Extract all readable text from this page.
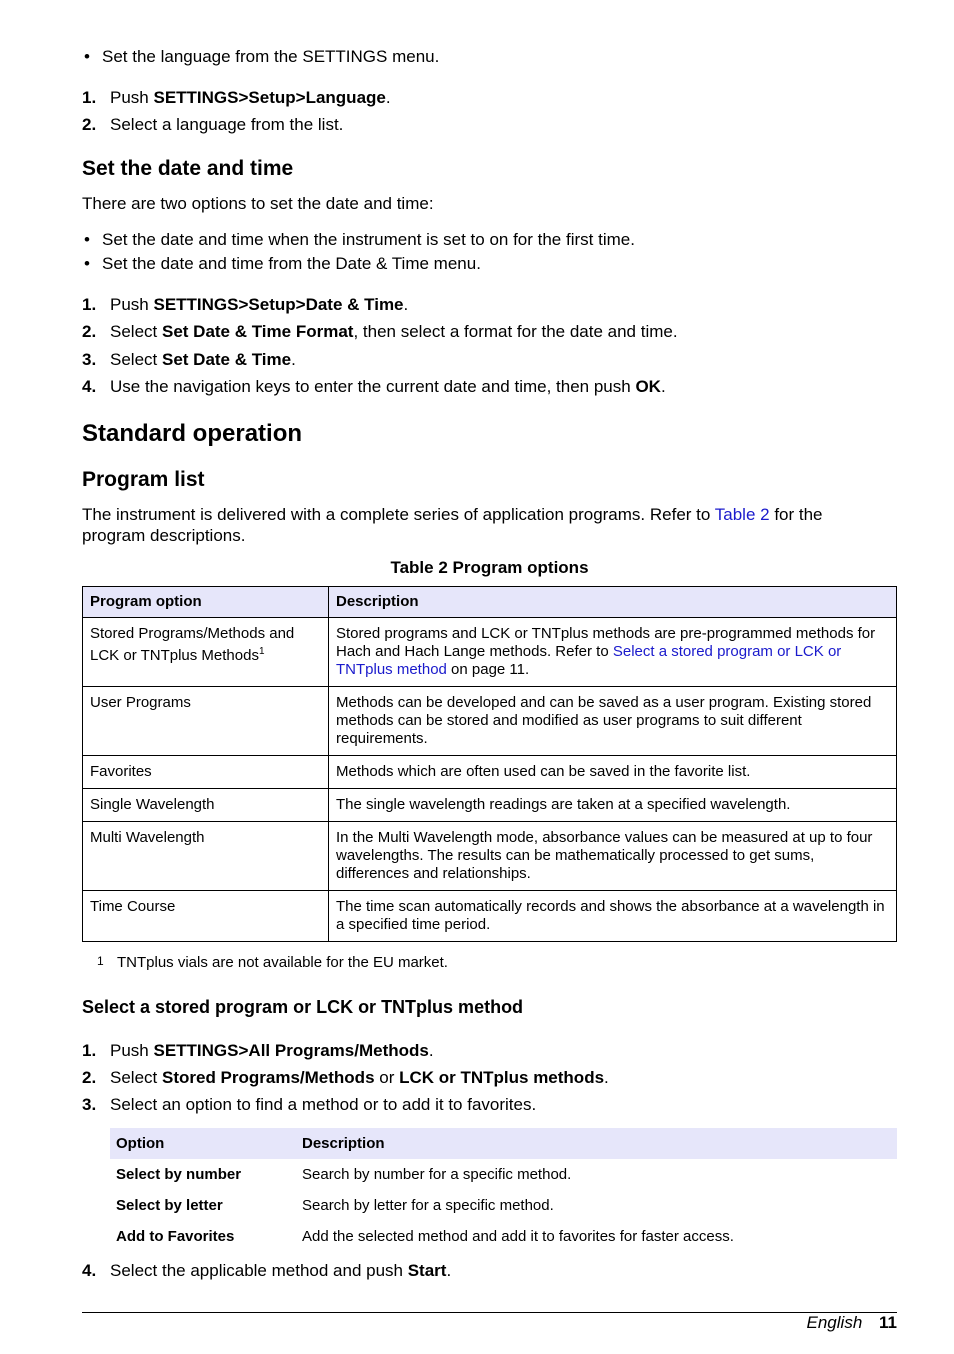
• Set the language from the SETTINGS menu.
1. Push SETTINGS>Setup>Language.
2. Select a language from the list.
Set the date and time
There are two options to set the date and time:
• Set the date and time when the instrument is set to on for the first time.
• Set the date and time from the Date & Time menu.
1. Push SETTINGS>Setup>Date & Time.
2. Select Set Date & Time Format, then select a format for the date and time.
3. Select Set Date & Time.
4. Use the navigation keys to enter the current date and time, then push OK.
Standard operation
Program list
The instrument is delivered with a complete series of application programs. Refer to Table 2 for the
program descriptions.
Table 2 Program options
Program option	Description
Stored Programs/Methods and LCK or TNTplus Methods$^1$	Stored programs and LCK or TNTplus methods are pre-programmed methods for Hach and Hach Lange methods. Refer to Select a stored program or LCK or TNTplus method on page 11.
User Programs	Methods can be developed and can be saved as a user program. Existing stored methods can be stored and modified as user programs to suit different requirements.
Favorites	Methods which are often used can be saved in the favorite list.
Single Wavelength	The single wavelength readings are taken at a specified wavelength.
Multi Wavelength	In the Multi Wavelength mode, absorbance values can be measured at up to four wavelengths. The results can be mathematically processed to get sums, differences and relationships.
Time Course	The time scan automatically records and shows the absorbance at a wavelength in a specified time period.
1 TNTplus vials are not available for the EU market.
Select a stored program or LCK or TNTplus method
1. Push SETTINGS>All Programs/Methods.
2. Select Stored Programs/Methods or LCK or TNTplus methods.
3. Select an option to find a method or to add it to favorites.
Option	Description
Select by number	Search by number for a specific method.
Select by letter	Search by letter for a specific method.
Add to Favorites	Add the selected method and add it to favorites for faster access.
4. Select the applicable method and push Start.
English 11
